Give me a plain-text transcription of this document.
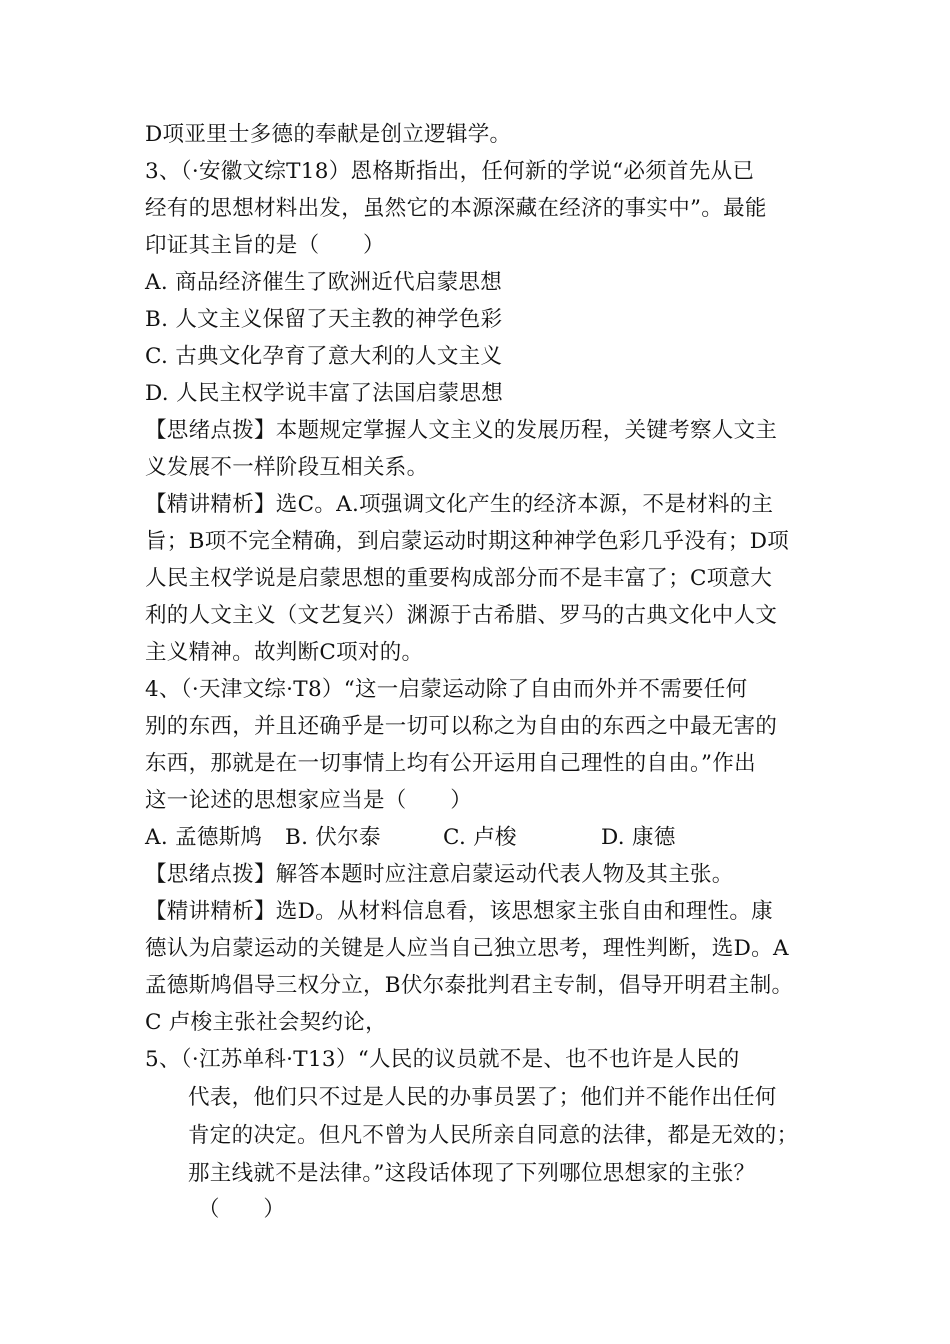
D项亚里士多德的奉献是创立逻辑学。
3、（·安徽文综T18）恩格斯指出，任何新的学说“必须首先从已
经有的思想材料出发，虽然它的本源深藏在经济的事实中”。最能
印证其主旨的是（　　）
A. 商品经济催生了欧洲近代启蒙思想
B. 人文主义保留了天主教的神学色彩
C. 古典文化孕育了意大利的人文主义
D. 人民主权学说丰富了法国启蒙思想
【思绪点拨】本题规定掌握人文主义的发展历程，关键考察人文主
义发展不一样阶段互相关系。
【精讲精析】选C。A.项强调文化产生的经济本源，不是材料的主
旨；B项不完全精确，到启蒙运动时期这种神学色彩几乎没有；D项
人民主权学说是启蒙思想的重要构成部分而不是丰富了；C项意大
利的人文主义（文艺复兴）渊源于古希腊、罗马的古典文化中人文
主义精神。故判断C项对的。
4、（·天津文综·T8）“这一启蒙运动除了自由而外并不需要任何
别的东西，并且还确乎是一切可以称之为自由的东西之中最无害的
东西，那就是在一切事情上均有公开运用自己理性的自由。”作出
这一论述的思想家应当是（　　）
A. 孟德斯鸠 B. 伏尔泰	C. 卢梭	D. 康德
【思绪点拨】解答本题时应注意启蒙运动代表人物及其主张。
【精讲精析】选D。从材料信息看，该思想家主张自由和理性。康
德认为启蒙运动的关键是人应当自己独立思考，理性判断，选D。A
孟德斯鸠倡导三权分立，B伏尔泰批判君主专制，倡导开明君主制。
C 卢梭主张社会契约论，
5、（·江苏单科·T13）“人民的议员就不是、也不也许是人民的
代表，他们只不过是人民的办事员罢了；他们并不能作出任何
肯定的决定。但凡不曾为人民所亲自同意的法律，都是无效的；
那主线就不是法律。”这段话体现了下列哪位思想家的主张？
（　　）
